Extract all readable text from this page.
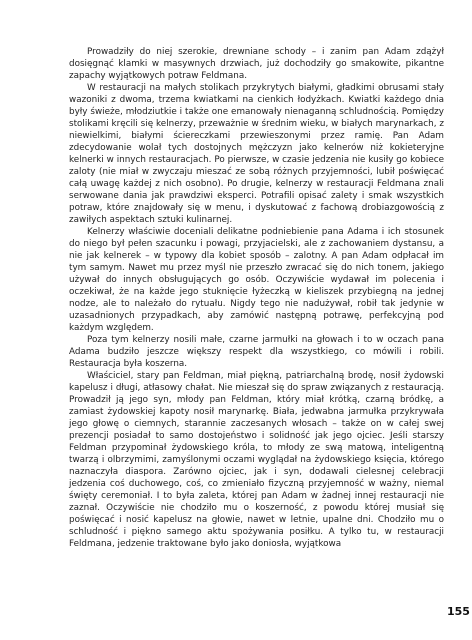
Prowadziły do niej szerokie, drewniane schody – i zanim pan Adam zdążył dosięgnąć klamki w masywnych drzwiach, już dochodziły go smakowite, pikantne zapachy wyjątkowych potraw Feldmana.

W restauracji na małych stolikach przykrytych białymi, gładkimi obrusami stały wazoniki z dwoma, trzema kwiatkami na cienkich łodyżkach. Kwiatki każdego dnia były świeże, młodziutkie i także one emanowały nienaganną schludnością. Pomiędzy stolikami kręcili się kelnerzy, przeważnie w średnim wieku, w białych marynarkach, z niewielkimi, białymi ściereczkami przewieszonymi przez ramię. Pan Adam zdecydowanie wolał tych dostojnych mężczyzn jako kelnerów niż kokieteryjne kelnerki w innych restauracjach. Po pierwsze, w czasie jedzenia nie kusiły go kobiece zaloty (nie miał w zwyczaju mieszać ze sobą różnych przyjemności, lubił poświęcać całą uwagę każdej z nich osobno). Po drugie, kelnerzy w restauracji Feldmana znali serwowane dania jak prawdziwi eksperci. Potrafili opisać zalety i smak wszystkich potraw, które znajdowały się w menu, i dyskutować z fachową drobiazgowością z zawiłych aspektach sztuki kulinarnej.

Kelnerzy właściwie doceniali delikatne podniebienie pana Adama i ich stosunek do niego był pełen szacunku i powagi, przyjacielski, ale z zachowaniem dystansu, a nie jak kelnerek – w typowy dla kobiet sposób – zalotny. A pan Adam odpłacał im tym samym. Nawet mu przez myśl nie przeszło zwracać się do nich tonem, jakiego używał do innych obsługujących go osób. Oczywiście wydawał im polecenia i oczekiwał, że na każde jego stuknięcie łyżeczką w kieliszek przybiegną na jednej nodze, ale to należało do rytuału. Nigdy tego nie nadużywał, robił tak jedynie w uzasadnionych przypadkach, aby zamówić następną potrawę, perfekcyjną pod każdym względem.

Poza tym kelnerzy nosili małe, czarne jarmułki na głowach i to w oczach pana Adama budziło jeszcze większy respekt dla wszystkiego, co mówili i robili. Restauracja była koszerna.

Właściciel, stary pan Feldman, miał piękną, patriarchalną brodę, nosił żydowski kapelusz i długi, atłasowy chałat. Nie mieszał się do spraw związanych z restauracją. Prowadził ją jego syn, młody pan Feldman, który miał krótką, czarną bródkę, a zamiast żydowskiej kapoty nosił marynarkę. Biała, jedwabna jarmułka przykrywała jego głowę o ciemnych, starannie zaczesanych włosach – także on w całej swej prezencji posiadał to samo dostojeństwo i solidność jak jego ojciec. Jeśli starszy Feldman przypominał żydowskiego króla, to młody ze swą matową, inteligentną twarzą i olbrzymimi, zamyślonymi oczami wyglądał na żydowskiego księcia, którego naznaczyła diaspora. Zarówno ojciec, jak i syn, dodawali cielesnej celebracji jedzenia coś duchowego, coś, co zmieniało fizyczną przyjemność w ważny, niemal święty ceremoniał. I to była zaleta, której pan Adam w żadnej innej restauracji nie zaznał. Oczywiście nie chodziło mu o koszerność, z powodu której musiał się poświęcać i nosić kapelusz na głowie, nawet w letnie, upalne dni. Chodziło mu o schludność i piękno samego aktu spożywania posiłku. A tylko tu, w restauracji Feldmana, jedzenie traktowane było jako doniosła, wyjątkowa

155
